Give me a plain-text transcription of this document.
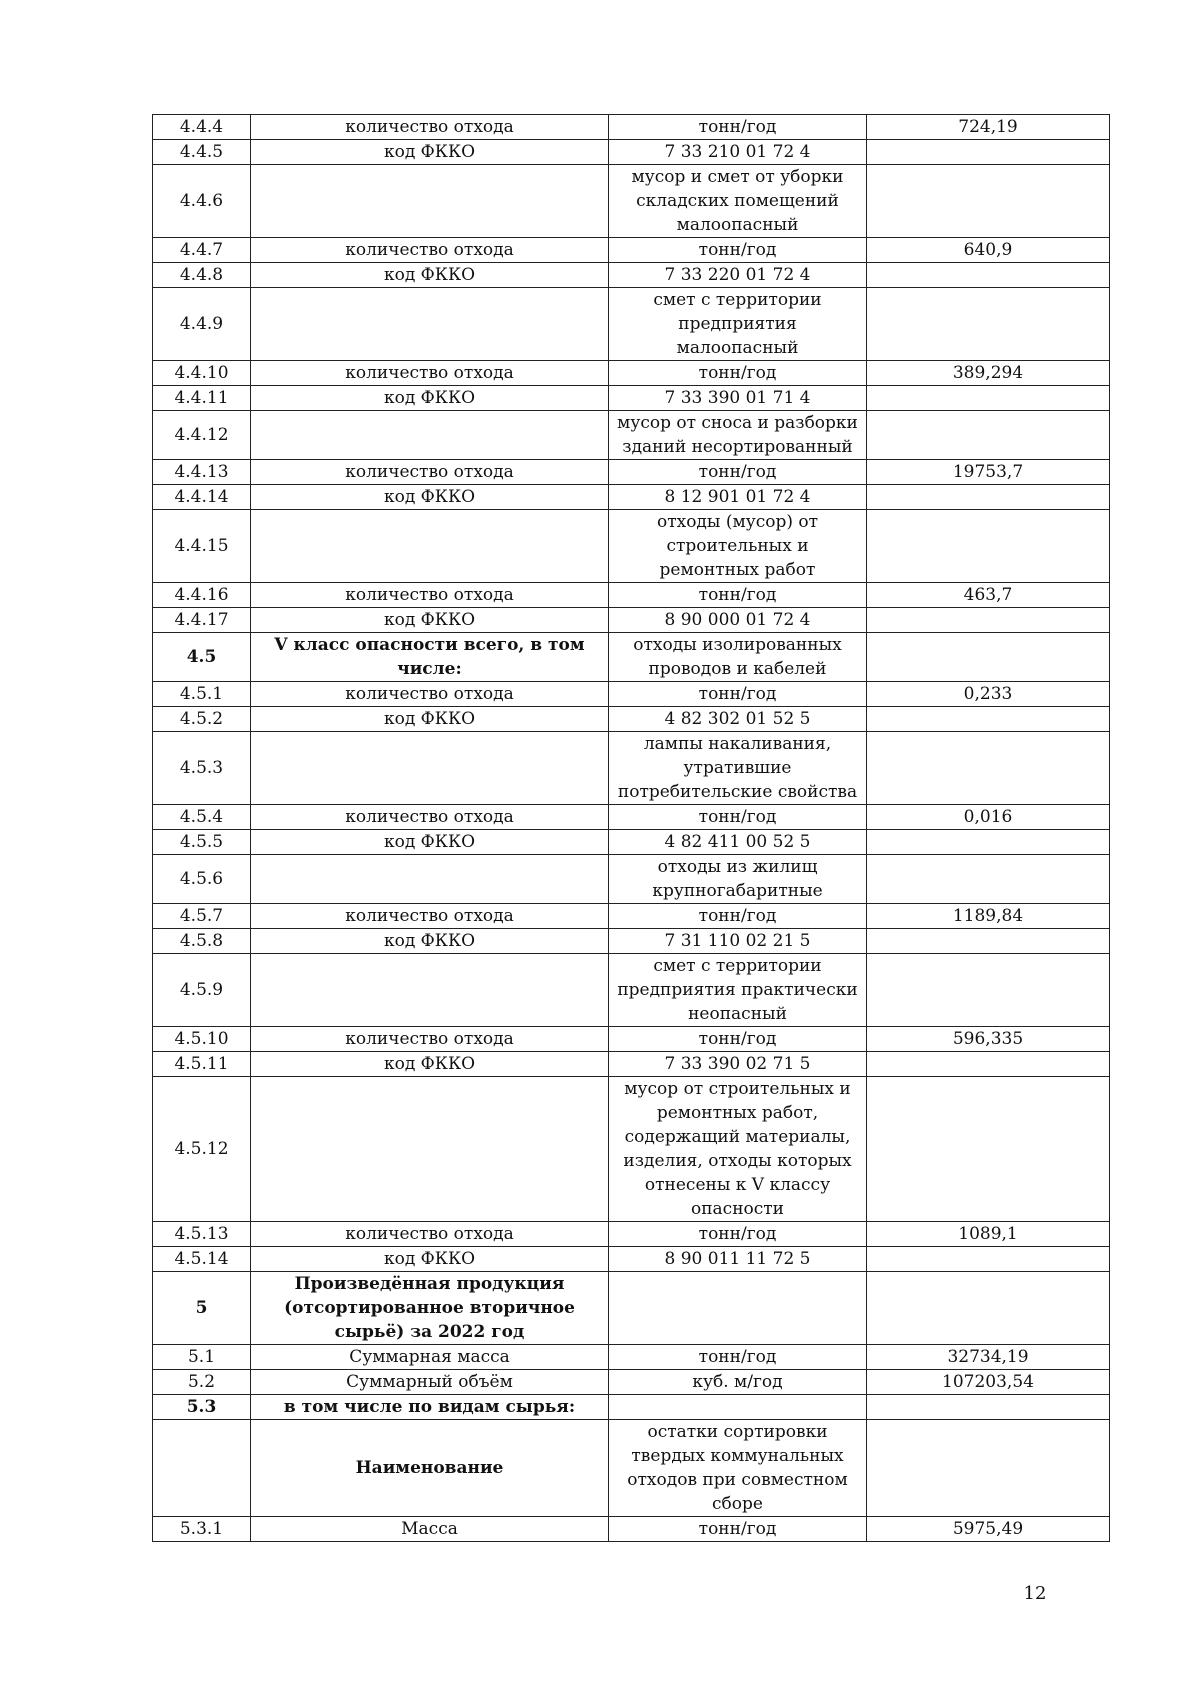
4.4.4	количество отхода	тонн/год	724,19
4.4.5	код ФККО	7 33 210 01 72 4	
4.4.6		мусор и смет от уборки складских помещений малоопасный	
4.4.7	количество отхода	тонн/год	640,9
4.4.8	код ФККО	7 33 220 01 72 4	
4.4.9		смет с территории предприятия малоопасный	
4.4.10	количество отхода	тонн/год	389,294
4.4.11	код ФККО	7 33 390 01 71 4	
4.4.12		мусор от сноса и разборки зданий несортированный	
4.4.13	количество отхода	тонн/год	19753,7
4.4.14	код ФККО	8 12 901 01 72 4	
4.4.15		отходы (мусор) от строительных и ремонтных работ	
4.4.16	количество отхода	тонн/год	463,7
4.4.17	код ФККО	8 90 000 01 72 4	
4.5	V класс опасности всего, в том числе:	отходы изолированных проводов и кабелей	
4.5.1	количество отхода	тонн/год	0,233
4.5.2	код ФККО	4 82 302 01 52 5	
4.5.3		лампы накаливания, утратившие потребительские свойства	
4.5.4	количество отхода	тонн/год	0,016
4.5.5	код ФККО	4 82 411 00 52 5	
4.5.6		отходы из жилищ крупногабаритные	
4.5.7	количество отхода	тонн/год	1189,84
4.5.8	код ФККО	7 31 110 02 21 5	
4.5.9		смет с территории предприятия практически неопасный	
4.5.10	количество отхода	тонн/год	596,335
4.5.11	код ФККО	7 33 390 02 71 5	
4.5.12		мусор от строительных и ремонтных работ, содержащий материалы, изделия, отходы которых отнесены к V классу опасности	
4.5.13	количество отхода	тонн/год	1089,1
4.5.14	код ФККО	8 90 011 11 72 5	
5	Произведённая продукция (отсортированное вторичное сырьё) за 2022 год		
5.1	Суммарная масса	тонн/год	32734,19
5.2	Суммарный объём	куб. м/год	107203,54
5.3	в том числе по видам сырья:		
	Наименование	остатки сортировки твердых коммунальных отходов при совместном сборе	
5.3.1	Масса	тонн/год	5975,49
12
